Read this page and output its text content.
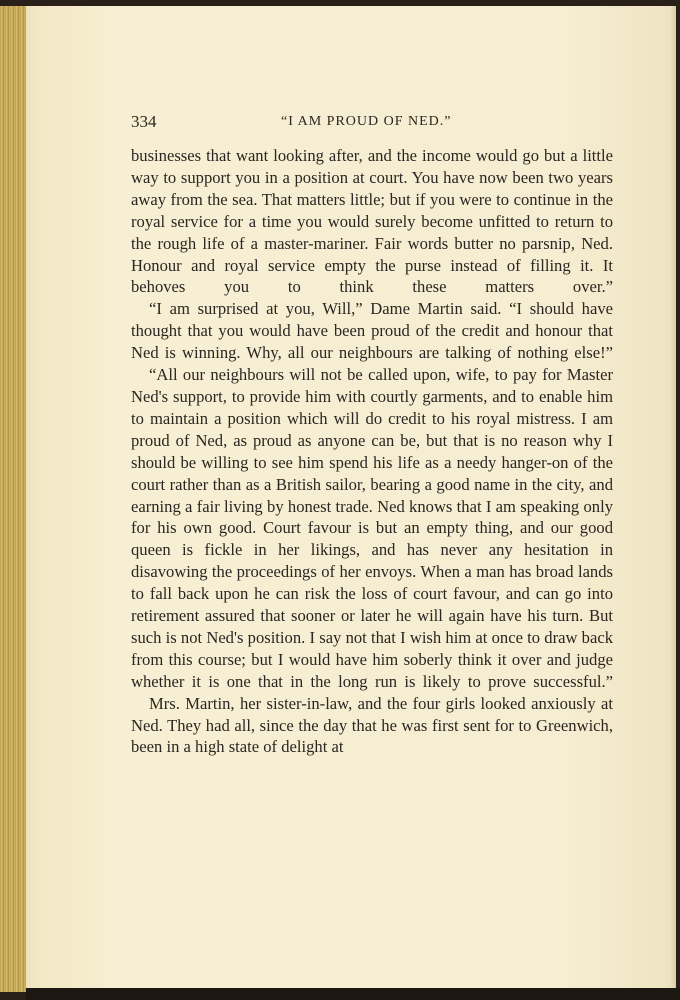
334	“I AM PROUD OF NED.”

businesses that want looking after, and the income would go but a little way to support you in a position at court. You have now been two years away from the sea. That matters little; but if you were to continue in the royal service for a time you would surely become unfitted to return to the rough life of a master-mariner. Fair words butter no parsnip, Ned. Honour and royal service empty the purse instead of filling it. It behoves you to think these matters over.”

“I am surprised at you, Will,” Dame Martin said. “I should have thought that you would have been proud of the credit and honour that Ned is winning. Why, all our neighbours are talking of nothing else!”

“All our neighbours will not be called upon, wife, to pay for Master Ned's support, to provide him with courtly garments, and to enable him to maintain a position which will do credit to his royal mistress. I am proud of Ned, as proud as anyone can be, but that is no reason why I should be willing to see him spend his life as a needy hanger-on of the court rather than as a British sailor, bearing a good name in the city, and earning a fair living by honest trade. Ned knows that I am speaking only for his own good. Court favour is but an empty thing, and our good queen is fickle in her likings, and has never any hesitation in disavowing the proceedings of her envoys. When a man has broad lands to fall back upon he can risk the loss of court favour, and can go into retirement assured that sooner or later he will again have his turn. But such is not Ned's position. I say not that I wish him at once to draw back from this course; but I would have him soberly think it over and judge whether it is one that in the long run is likely to prove successful.”

Mrs. Martin, her sister-in-law, and the four girls looked anxiously at Ned. They had all, since the day that he was first sent for to Greenwich, been in a high state of delight at
